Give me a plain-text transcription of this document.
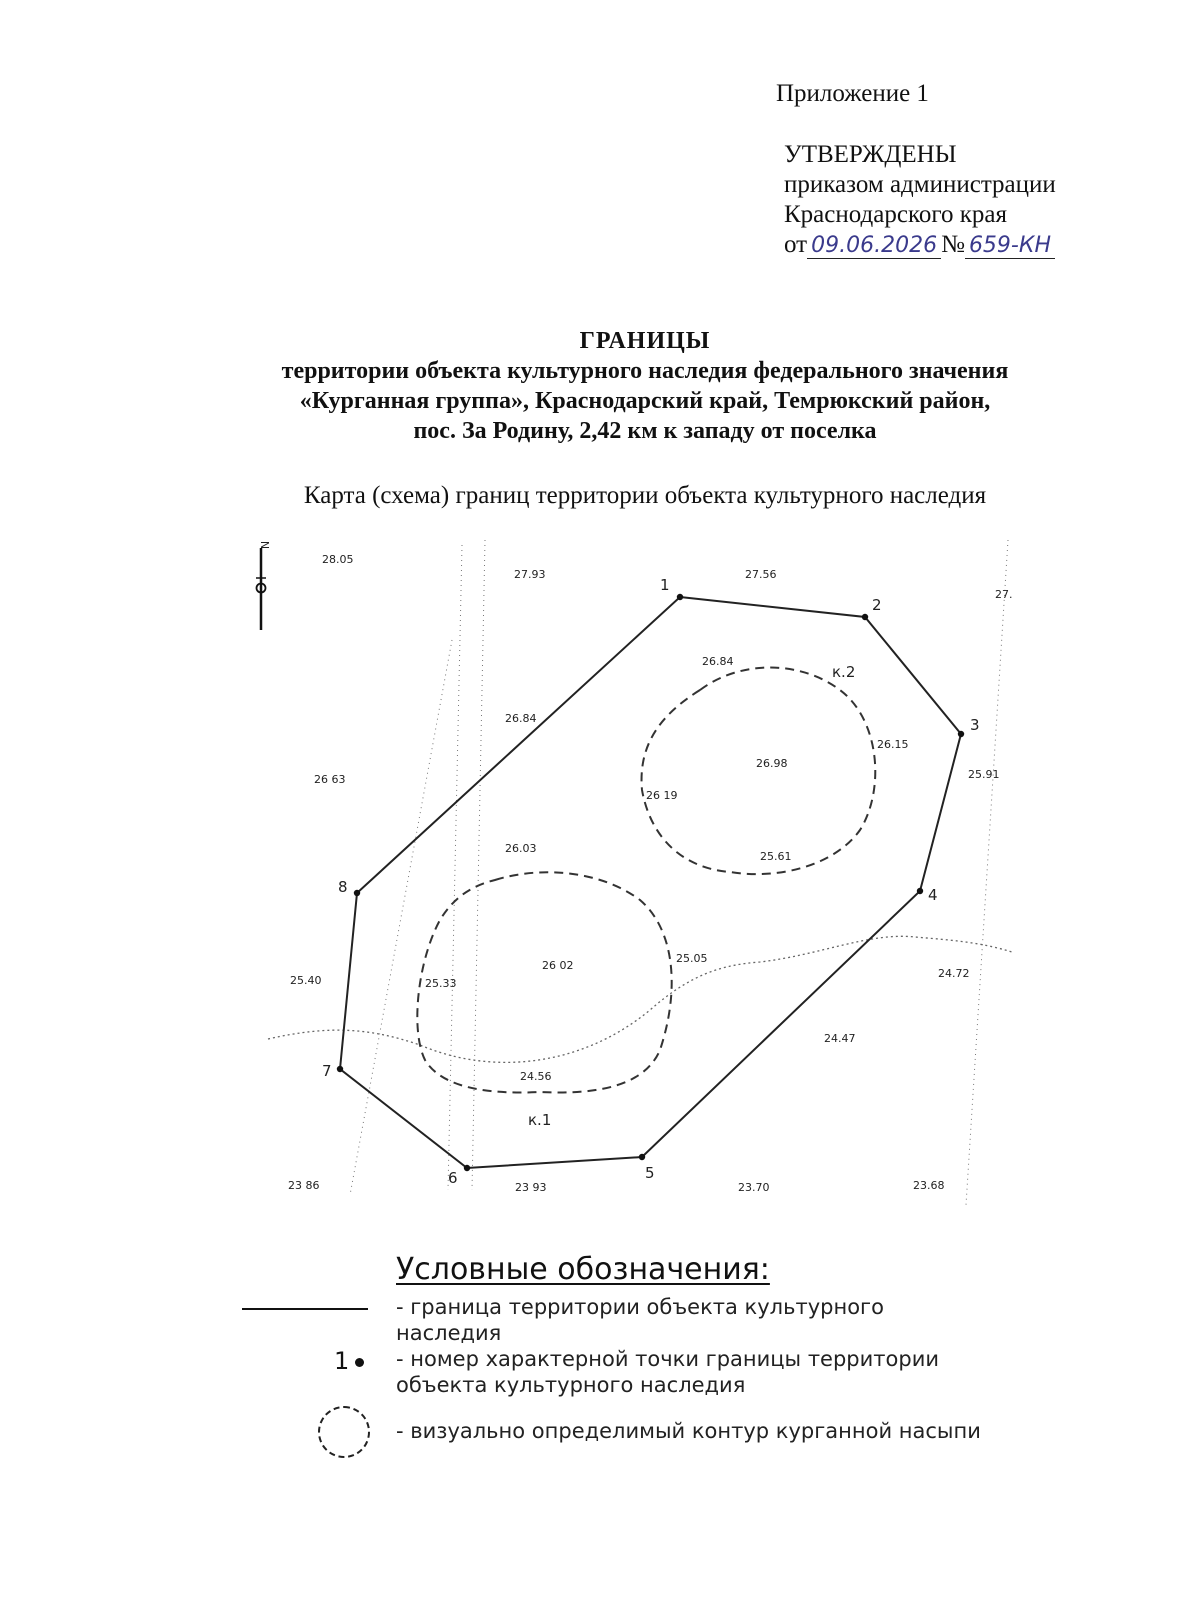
Приложение 1
УТВЕРЖДЕНЫ
приказом администрации
Краснодарского края
от 09.06.2026 № 659-КН
ГРАНИЦЫ
территории объекта культурного наследия федерального значения
«Курганная группа», Краснодарский край, Темрюкский район,
пос. За Родину, 2,42 км к западу от поселка
Карта (схема) границ территории объекта культурного наследия
N
1
2
3
4
5
6
7
8
к.1
к.2
28.05
27.93	27.56
27.
26.84
26.84
26.15
26.98
25.91
26 63
26 19
25.61
26.03
26 02
25.05
25.40	25.33
24.72
24.47
24.56
23 86	23 93	23.70	23.68
Условные обозначения:
- граница территории объекта культурного наследия
1	- номер характерной точки границы территории объекта культурного наследия
- визуально определимый контур курганной насыпи
